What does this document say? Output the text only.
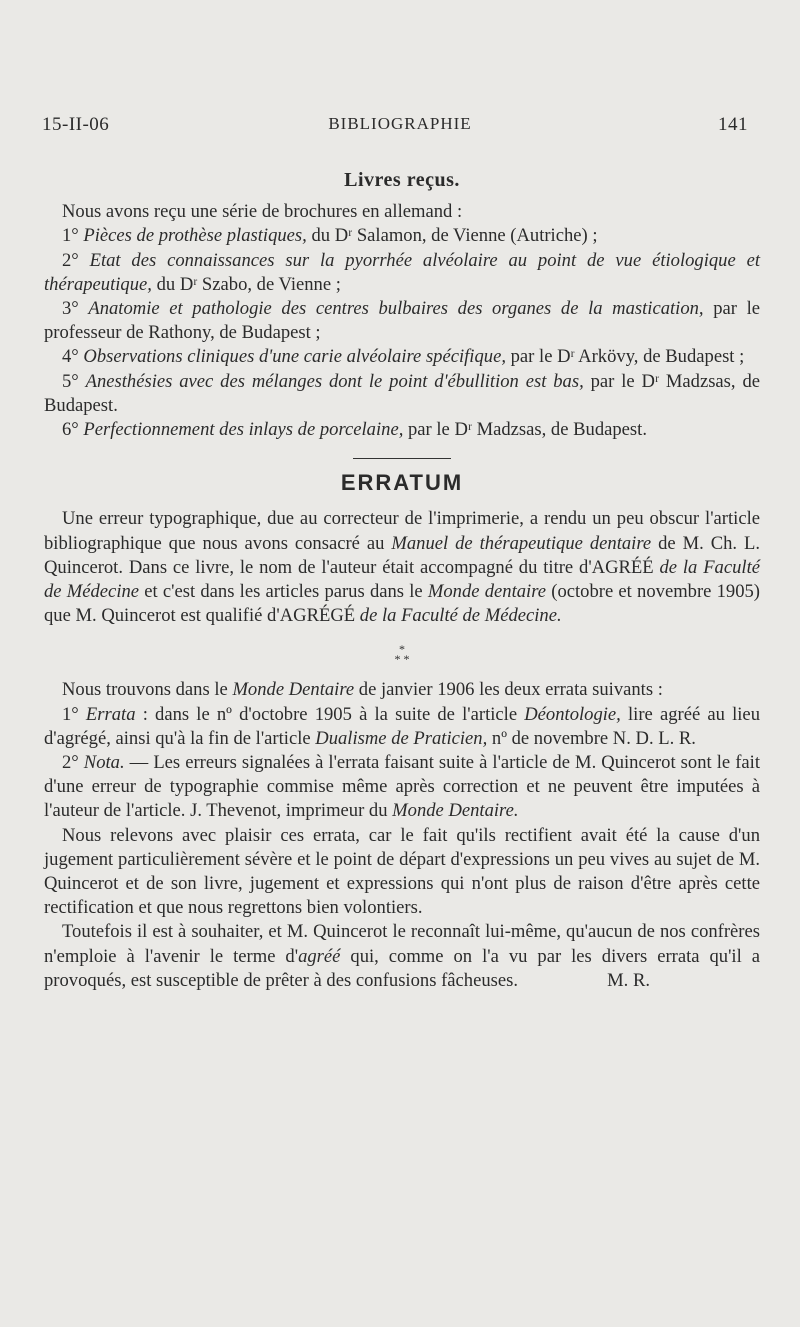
15-II-06	BIBLIOGRAPHIE	141
Livres reçus.

Nous avons reçu une série de brochures en allemand :

1° Pièces de prothèse plastiques, du Dʳ Salamon, de Vienne (Autriche) ;

2° Etat des connaissances sur la pyorrhée alvéolaire au point de vue étiologique et thérapeutique, du Dʳ Szabo, de Vienne ;

3° Anatomie et pathologie des centres bulbaires des organes de la mastication, par le professeur de Rathony, de Budapest ;

4° Observations cliniques d'une carie alvéolaire spécifique, par le Dʳ Arkövy, de Budapest ;

5° Anesthésies avec des mélanges dont le point d'ébullition est bas, par le Dʳ Madzsas, de Budapest.

6° Perfectionnement des inlays de porcelaine, par le Dʳ Madzsas, de Budapest.

ERRATUM

Une erreur typographique, due au correcteur de l'imprimerie, a rendu un peu obscur l'article bibliographique que nous avons consacré au Manuel de thérapeutique dentaire de M. Ch. L. Quincerot. Dans ce livre, le nom de l'auteur était accompagné du titre d'AGRÉÉ de la Faculté de Médecine et c'est dans les articles parus dans le Monde dentaire (octobre et novembre 1905) que M. Quincerot est qualifié d'AGRÉGÉ de la Faculté de Médecine.

*
* *

Nous trouvons dans le Monde Dentaire de janvier 1906 les deux errata suivants :

1° Errata : dans le nº d'octobre 1905 à la suite de l'article Déontologie, lire agréé au lieu d'agrégé, ainsi qu'à la fin de l'article Dualisme de Praticien, nº de novembre N. D. L. R.

2° Nota. — Les erreurs signalées à l'errata faisant suite à l'article de M. Quincerot sont le fait d'une erreur de typographie commise même après correction et ne peuvent être imputées à l'auteur de l'article. J. Thevenot, imprimeur du Monde Dentaire.

Nous relevons avec plaisir ces errata, car le fait qu'ils rectifient avait été la cause d'un jugement particulièrement sévère et le point de départ d'expressions un peu vives au sujet de M. Quincerot et de son livre, jugement et expressions qui n'ont plus de raison d'être après cette rectification et que nous regrettons bien volontiers.

Toutefois il est à souhaiter, et M. Quincerot le reconnaît lui-même, qu'aucun de nos confrères n'emploie à l'avenir le terme d'agréé qui, comme on l'a vu par les divers errata qu'il a provoqués, est susceptible de prêter à des confusions fâcheuses.	M. R.
